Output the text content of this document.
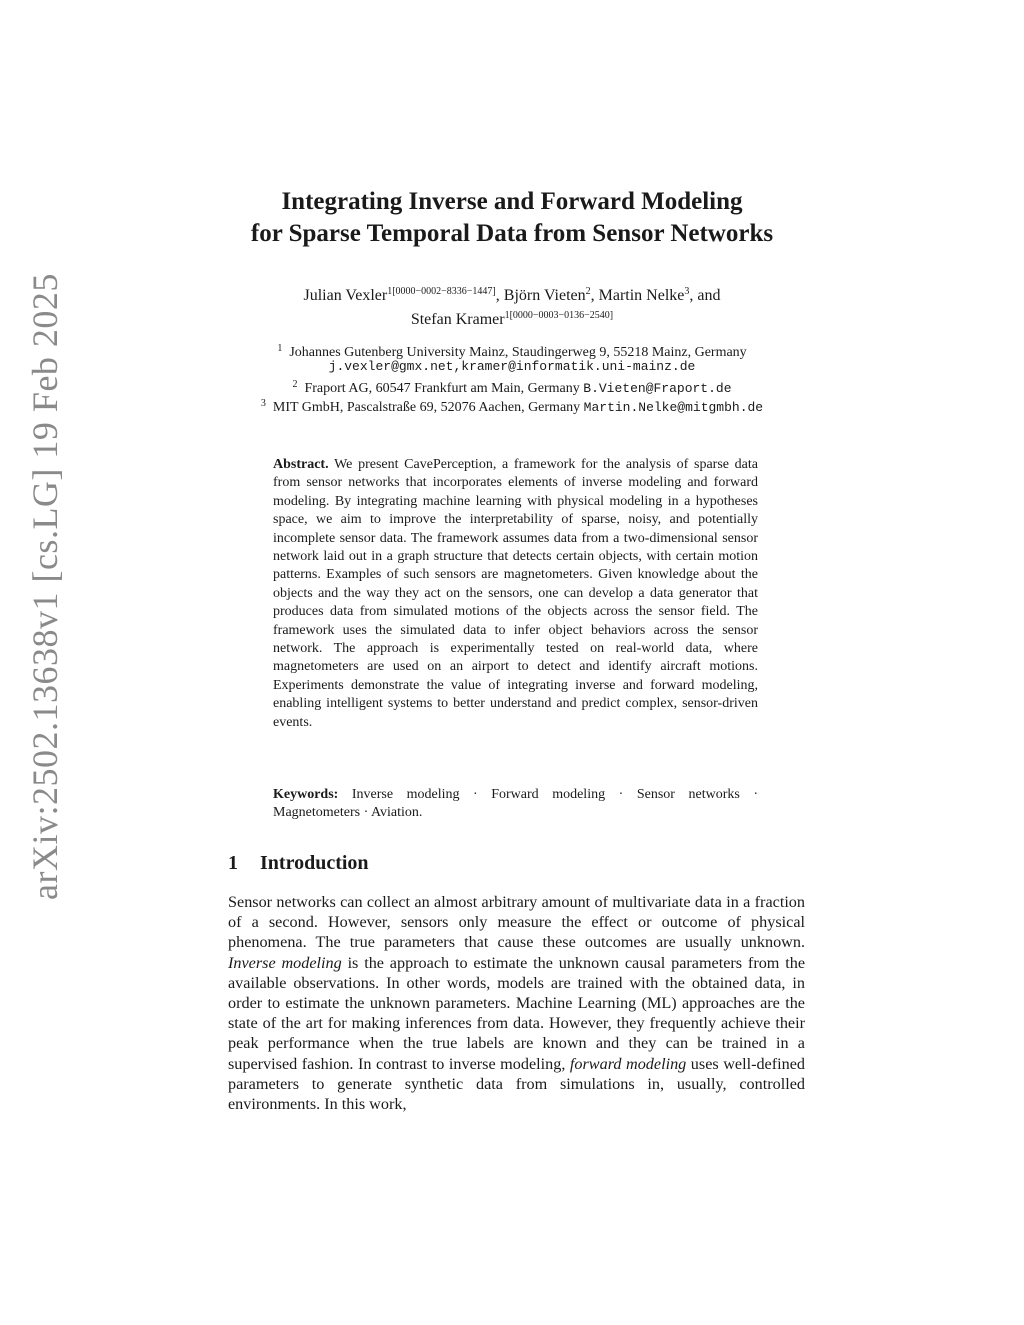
arXiv:2502.13638v1 [cs.LG] 19 Feb 2025
Integrating Inverse and Forward Modeling
for Sparse Temporal Data from Sensor Networks
Julian Vexler$^{1[0000-0002-8336-1447]}$, Björn Vieten$^2$, Martin Nelke$^3$, and
Stefan Kramer$^{1[0000-0003-0136-2540]}$
$^1$ Johannes Gutenberg University Mainz, Staudingerweg 9, 55218 Mainz, Germany
j.vexler@gmx.net,kramer@informatik.uni-mainz.de
$^2$ Fraport AG, 60547 Frankfurt am Main, Germany B.Vieten@Fraport.de
$^3$ MIT GmbH, Pascalstraße 69, 52076 Aachen, Germany Martin.Nelke@mitgmbh.de
Abstract. We present CavePerception, a framework for the analysis of sparse data from sensor networks that incorporates elements of inverse modeling and forward modeling. By integrating machine learning with physical modeling in a hypotheses space, we aim to improve the interpretability of sparse, noisy, and potentially incomplete sensor data. The framework assumes data from a two-dimensional sensor network laid out in a graph structure that detects certain objects, with certain motion patterns. Examples of such sensors are magnetometers. Given knowledge about the objects and the way they act on the sensors, one can develop a data generator that produces data from simulated motions of the objects across the sensor field. The framework uses the simulated data to infer object behaviors across the sensor network. The approach is experimentally tested on real-world data, where magnetometers are used on an airport to detect and identify aircraft motions. Experiments demonstrate the value of integrating inverse and forward modeling, enabling intelligent systems to better understand and predict complex, sensor-driven events.
Keywords: Inverse modeling · Forward modeling · Sensor networks · Magnetometers · Aviation.
1 Introduction
Sensor networks can collect an almost arbitrary amount of multivariate data in a fraction of a second. However, sensors only measure the effect or outcome of physical phenomena. The true parameters that cause these outcomes are usually unknown. Inverse modeling is the approach to estimate the unknown causal parameters from the available observations. In other words, models are trained with the obtained data, in order to estimate the unknown parameters. Machine Learning (ML) approaches are the state of the art for making inferences from data. However, they frequently achieve their peak performance when the true labels are known and they can be trained in a supervised fashion. In contrast to inverse modeling, forward modeling uses well-defined parameters to generate synthetic data from simulations in, usually, controlled environments. In this work,
